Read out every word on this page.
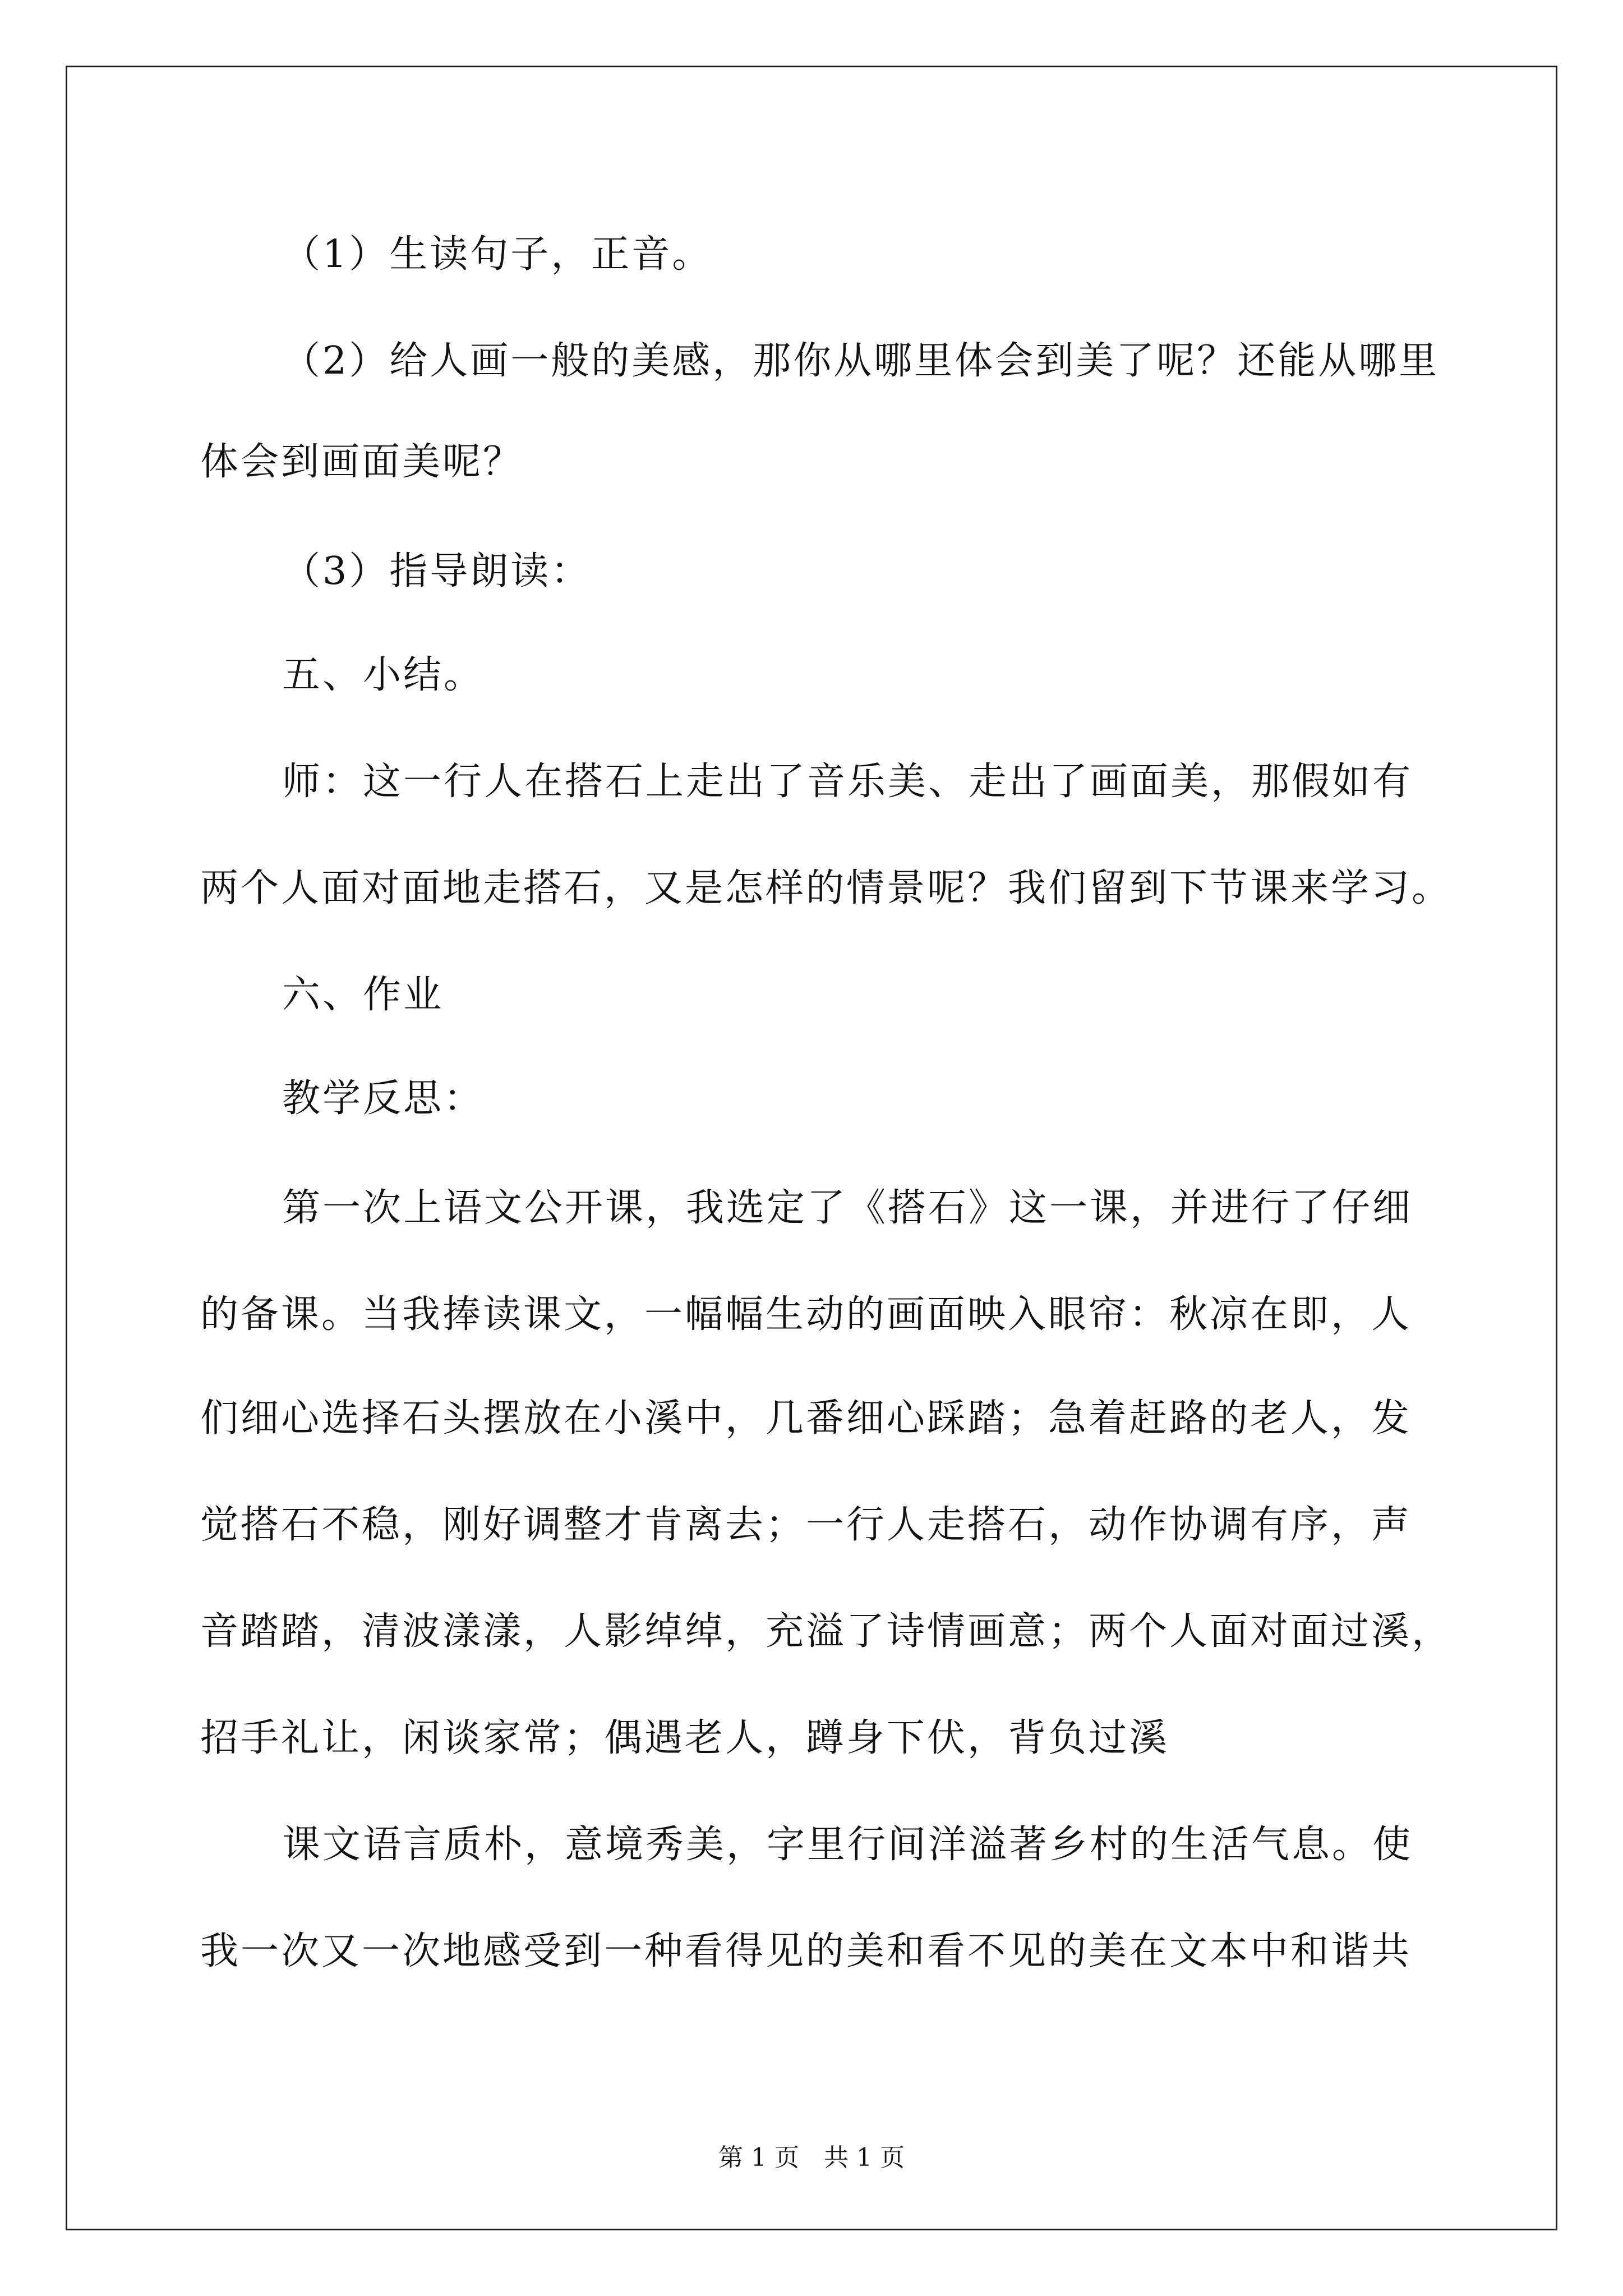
（1）生读句子，正音。
（2）给人画一般的美感，那你从哪里体会到美了呢？还能从哪里
体会到画面美呢？
（3）指导朗读：
五、小结。
师：这一行人在搭石上走出了音乐美、走出了画面美，那假如有
两个人面对面地走搭石，又是怎样的情景呢？我们留到下节课来学习。
六、作业
教学反思：
第一次上语文公开课，我选定了《搭石》这一课，并进行了仔细
的备课。当我捧读课文，一幅幅生动的画面映入眼帘：秋凉在即，人
们细心选择石头摆放在小溪中，几番细心踩踏；急着赶路的老人，发
觉搭石不稳，刚好调整才肯离去；一行人走搭石，动作协调有序，声
音踏踏，清波漾漾，人影绰绰，充溢了诗情画意；两个人面对面过溪，
招手礼让，闲谈家常；偶遇老人，蹲身下伏，背负过溪
课文语言质朴，意境秀美，字里行间洋溢著乡村的生活气息。使
我一次又一次地感受到一种看得见的美和看不见的美在文本中和谐共
第 1 页　共 1 页
